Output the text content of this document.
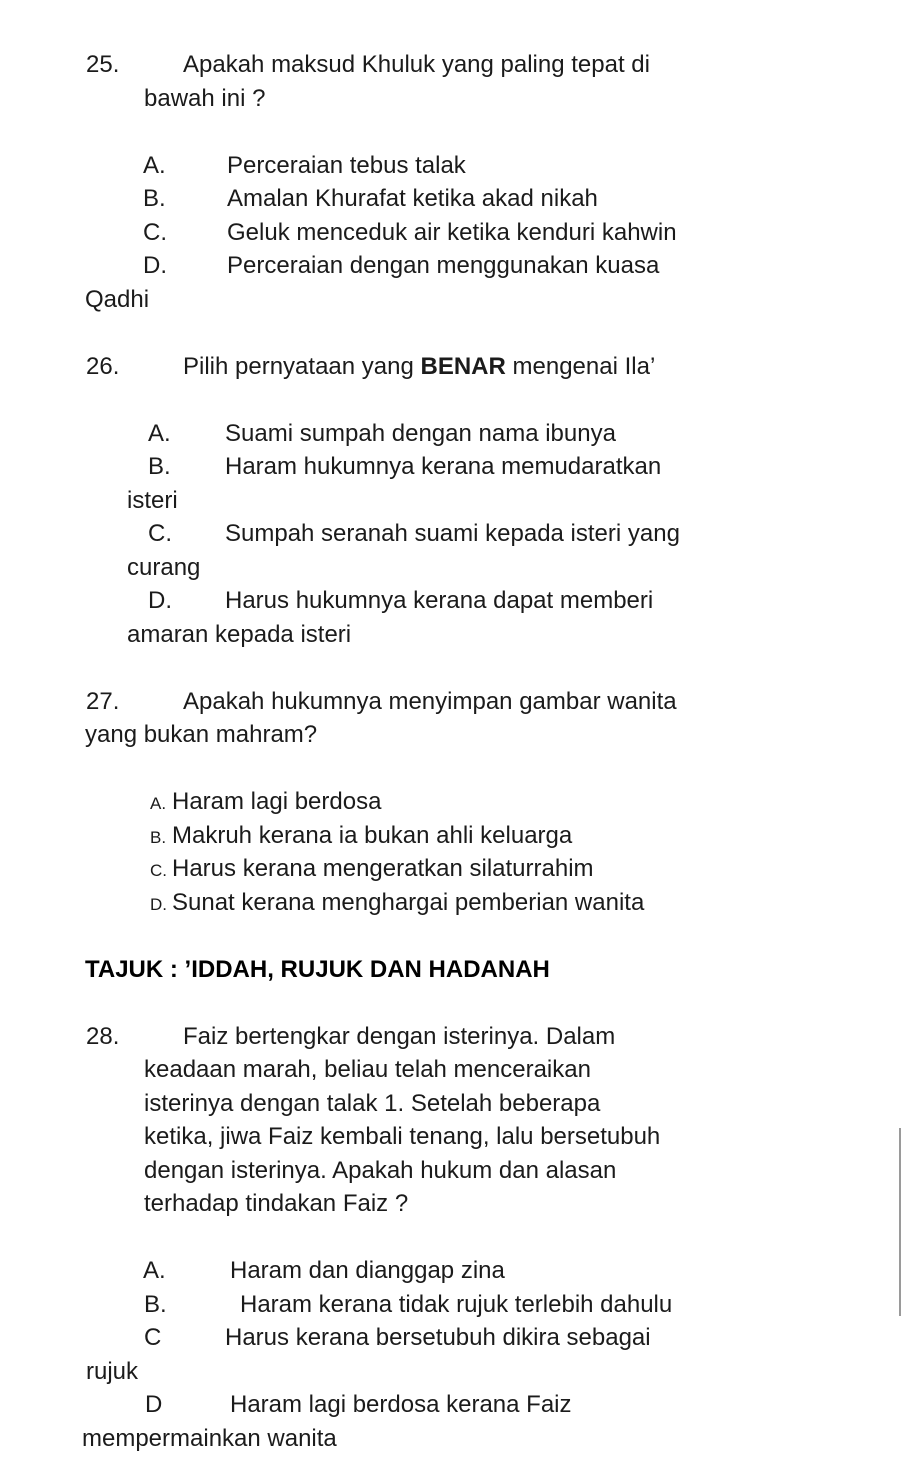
25.	Apakah maksud Khuluk yang paling tepat di
bawah ini ?
A.	Perceraian tebus talak
B.	Amalan Khurafat ketika akad nikah
C.	Geluk menceduk air ketika kenduri kahwin
D.	Perceraian dengan menggunakan kuasa
Qadhi
26.	Pilih pernyataan yang BENAR mengenai Ila’
A. Suami sumpah dengan nama ibunya
B. Haram hukumnya kerana memudaratkan
isteri
C. Sumpah seranah suami kepada isteri yang
curang
D. Harus hukumnya kerana dapat memberi
amaran kepada isteri
27.	Apakah hukumnya menyimpan gambar wanita
yang bukan mahram?
A. Haram lagi berdosa
B. Makruh kerana ia bukan ahli keluarga
C. Harus kerana mengeratkan silaturrahim
D. Sunat kerana menghargai pemberian wanita
TAJUK : ’IDDAH, RUJUK DAN HADANAH
28.	Faiz bertengkar dengan isterinya. Dalam
keadaan marah, beliau telah menceraikan
isterinya dengan talak 1. Setelah beberapa
ketika, jiwa Faiz kembali tenang, lalu bersetubuh
dengan isterinya. Apakah hukum dan alasan
terhadap tindakan Faiz ?
A.	Haram dan dianggap zina
B.	Haram kerana tidak rujuk terlebih dahulu
C	Harus kerana bersetubuh dikira sebagai
rujuk
D	Haram lagi berdosa kerana Faiz
mempermainkan wanita
